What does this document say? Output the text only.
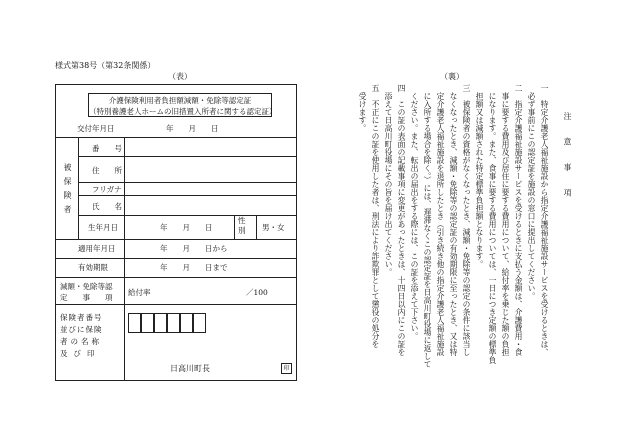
様式第38号（第32条関係）
（表）	（裏）
介護保険利用者負担額減額・免除等認定証
（特別養護老人ホームの旧措置入所者に関する認定証）
交付年月日	年　　月　　日
被保険者
番　　号
住　　所
フリガナ
氏　　名
生年月日	年　　月　　日
性別	男・女
適用年月日	年　　月　　日から
有効期限	年　　月　　日まで
減額・免除等認
定　　事　　項
給付率	／100
保険者番号
並びに保険
者の名称
及び印
日高川町長	印
注　意　事　項
一　特定介護老人福祉施設から指定介護福祉施設サービスを受けるときは、
　必ず事前にこの認定証を施設の窓口に提出してください。
二　指定介護福祉施設サービスを受けるときに支払う金額は、介護費用・食
　事に要する費用及び居住に要する費用について、給付率を乗じた額の負担
　になります。また、食事に要する費用については、一日につき定額の標準負
　担額又は減額された特定標準負担額となります。
三　被保険者の資格がなくなったとき、減額・免除等の認定の条件に該当し
　なくなったとき、減額・免除等の認定証の有効期限に至ったとき、又は特
　定介護老人福祉施設を退所したとき（引き続き他の指定介護老人福祉施設
　に入所する場合を除く。）には、遅滞なくこの認定証を日高川町役場に返して
　ください。また、転出の届出をする際には、この証を添えて下さい。
四　この証の表面の記載事項に変更があったときは、十四日以内にこの証を
　添えて日高川町役場にその旨を届け出てください。
五　不正にこの証を使用した者は、刑法により詐欺罪として懲役の処分を
　受けます。
